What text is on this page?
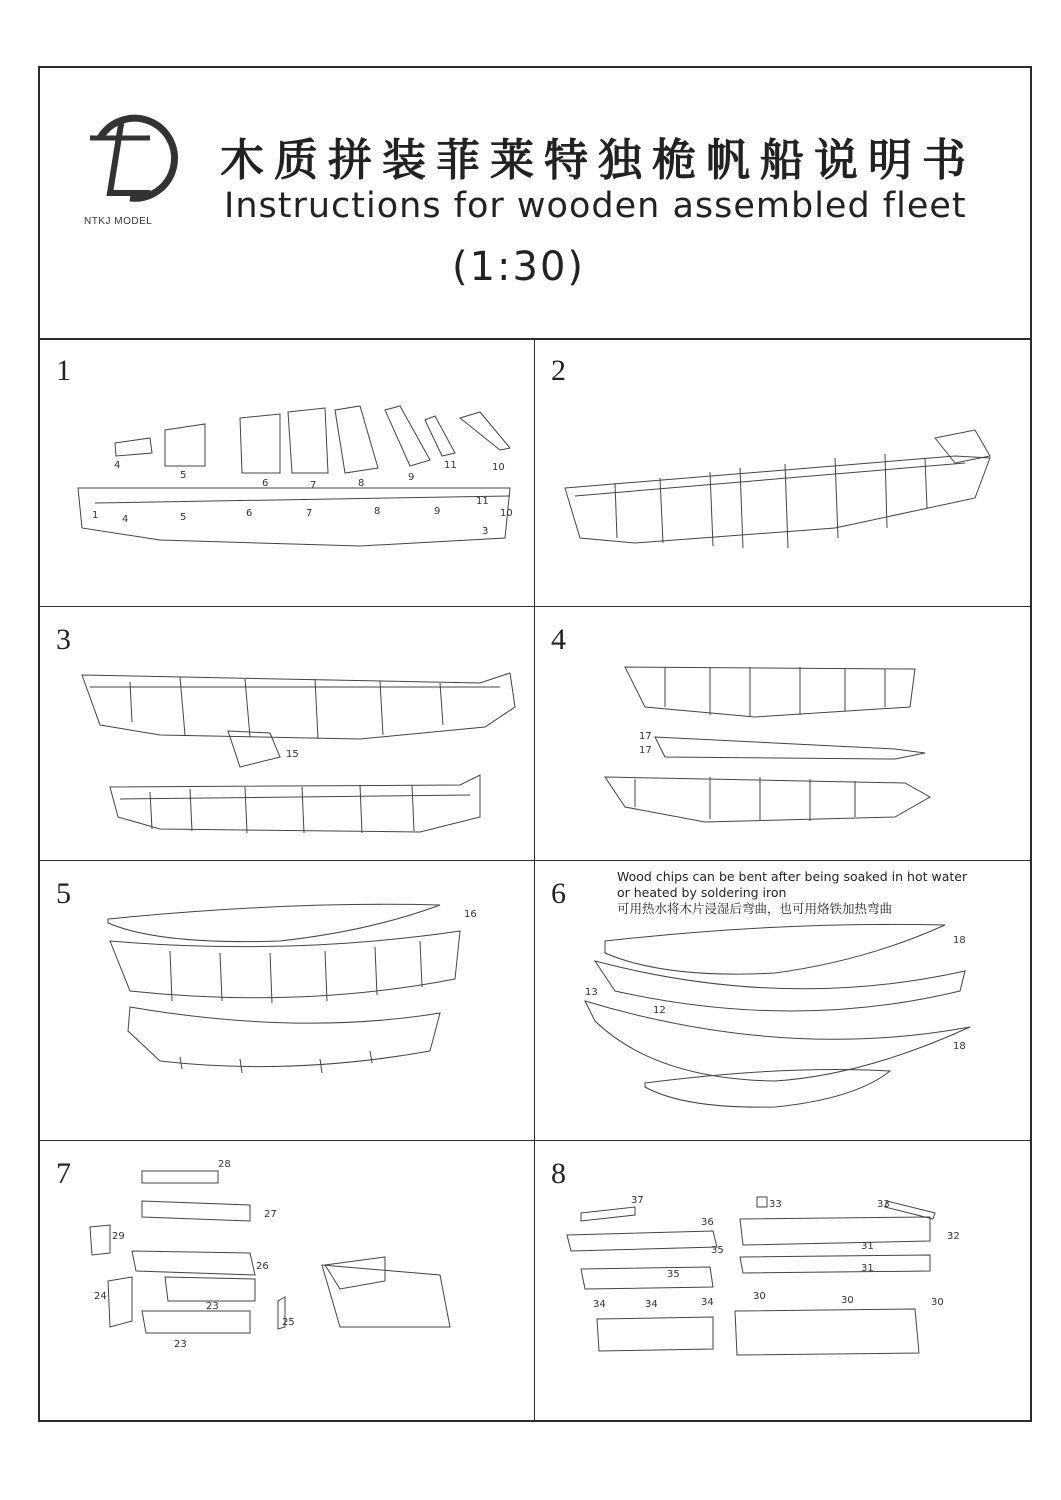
NTKJ MODEL
木质拼装菲莱特独桅帆船说明书
Instructions for wooden assembled fleet
(1:30)
1
4
5
6	7	8
9
11	10
1 4	5	6	7	8	9
11
10
3
2
3
15
4
17
17
5
16
6
Wood chips can be bent after being soaked in hot water
or heated by soldering iron
可用热水将木片浸湿后弯曲，也可用烙铁加热弯曲
18
13
12
18
7	28
27
29
26
24
23
25
23
8
37
36
35
35
34	34	34
33	33
32
31
31
30	30	30
